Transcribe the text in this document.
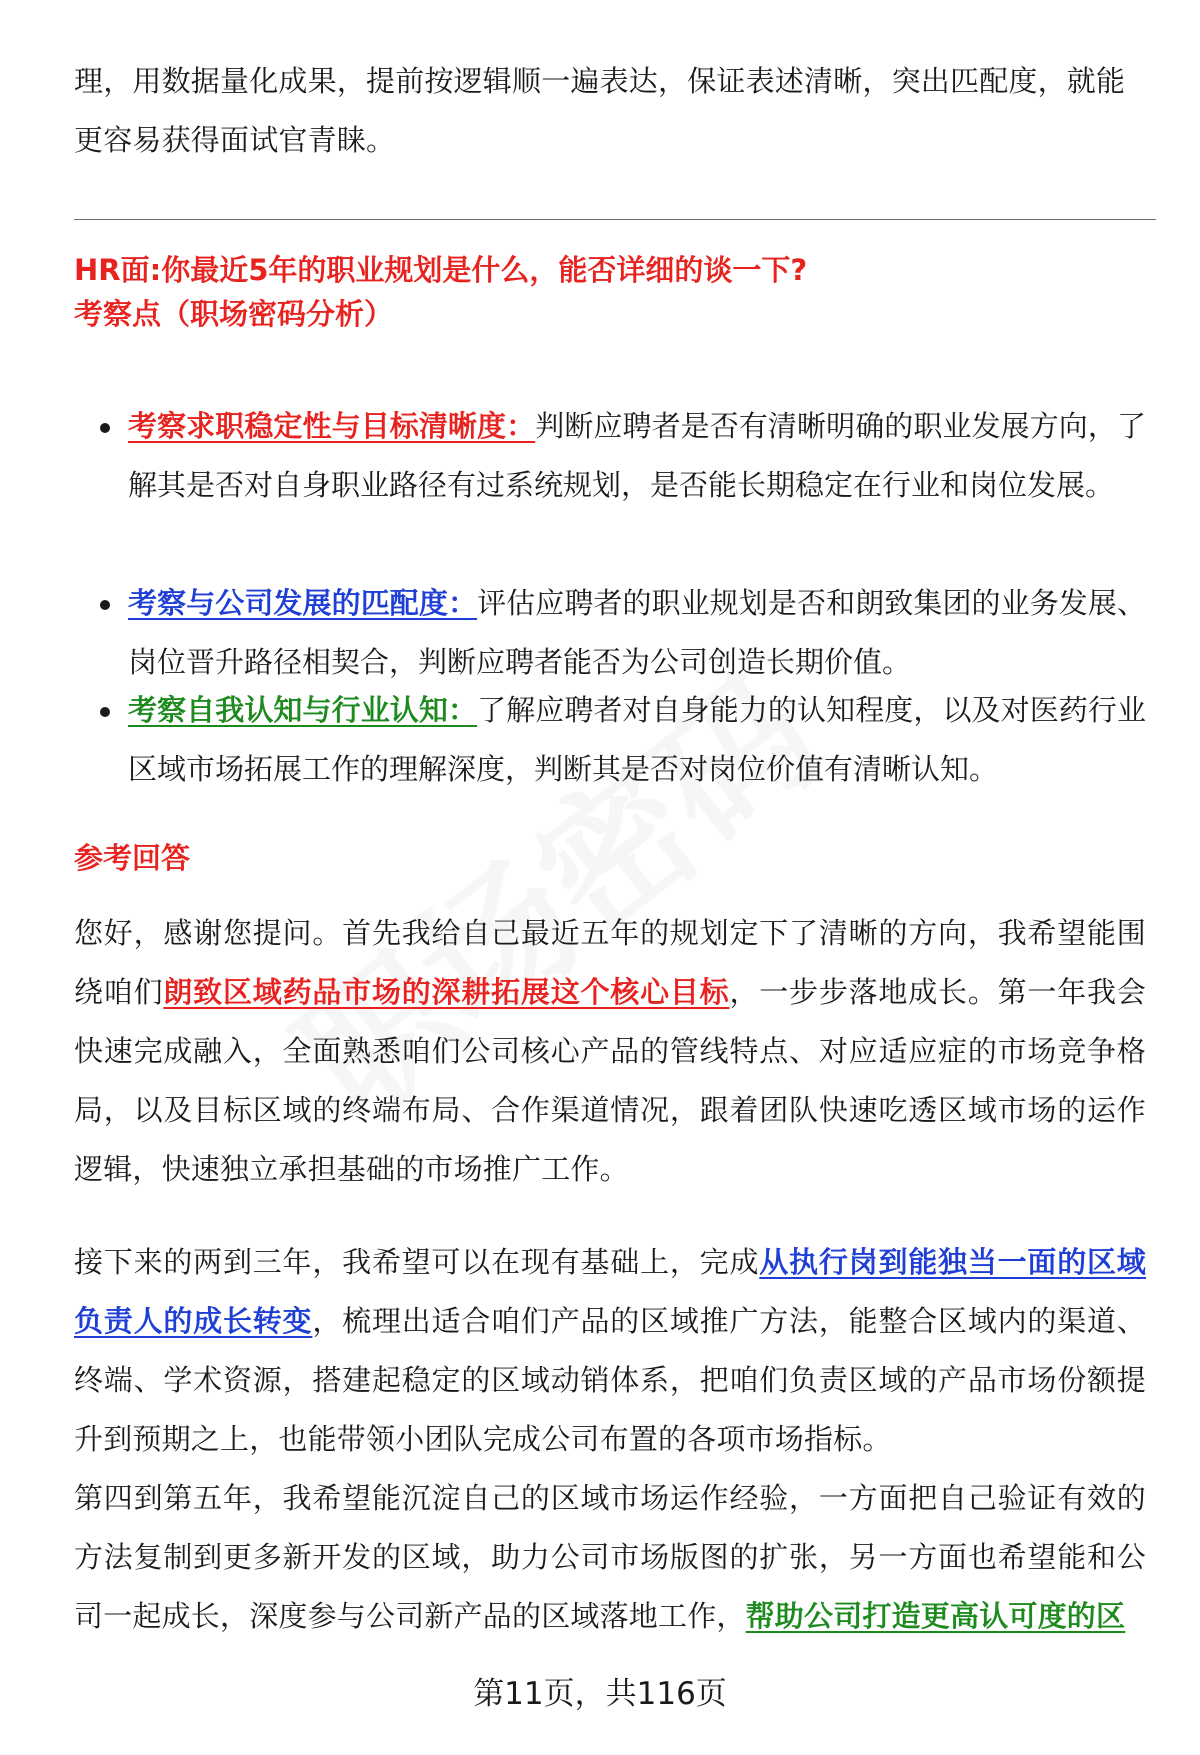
理，用数据量化成果，提前按逻辑顺一遍表达，保证表述清晰，突出匹配度，就能
更容易获得面试官青睐。

HR面:你最近5年的职业规划是什么，能否详细的谈一下?
考察点（职场密码分析）
考察求职稳定性与目标清晰度：判断应聘者是否有清晰明确的职业发展方向，了解其是否对自身职业路径有过系统规划，是否能长期稳定在行业和岗位发展。
考察与公司发展的匹配度：评估应聘者的职业规划是否和朗致集团的业务发展、岗位晋升路径相契合，判断应聘者能否为公司创造长期价值。
考察自我认知与行业认知：了解应聘者对自身能力的认知程度，以及对医药行业区域市场拓展工作的理解深度，判断其是否对岗位价值有清晰认知。
参考回答

您好，感谢您提问。首先我给自己最近五年的规划定下了清晰的方向，我希望能围绕咱们朗致区域药品市场的深耕拓展这个核心目标，一步步落地成长。第一年我会快速完成融入，全面熟悉咱们公司核心产品的管线特点、对应适应症的市场竞争格局，以及目标区域的终端布局、合作渠道情况，跟着团队快速吃透区域市场的运作逻辑，快速独立承担基础的市场推广工作。

接下来的两到三年，我希望可以在现有基础上，完成从执行岗到能独当一面的区域负责人的成长转变，梳理出适合咱们产品的区域推广方法，能整合区域内的渠道、终端、学术资源，搭建起稳定的区域动销体系，把咱们负责区域的产品市场份额提升到预期之上，也能带领小团队完成公司布置的各项市场指标。

第四到第五年，我希望能沉淀自己的区域市场运作经验，一方面把自己验证有效的方法复制到更多新开发的区域，助力公司市场版图的扩张，另一方面也希望能和公司一起成长，深度参与公司新产品的区域落地工作，帮助公司打造更高认可度的区

第11页，共116页
